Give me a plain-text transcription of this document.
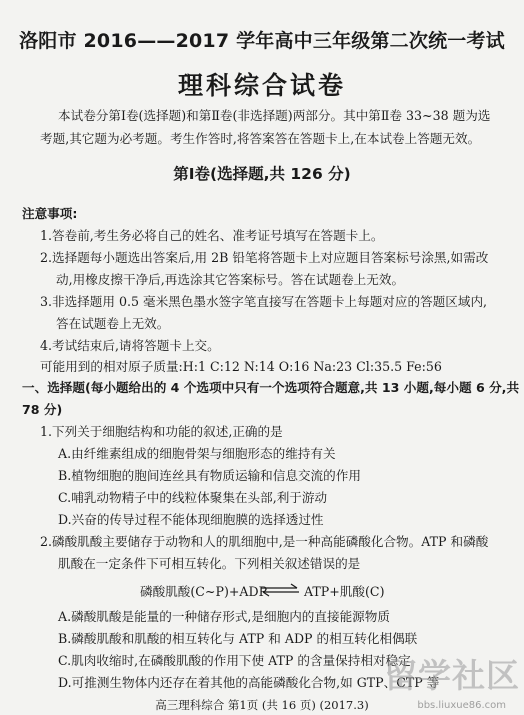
洛阳市 2016——2017 学年高中三年级第二次统一考试
理科综合试卷
本试卷分第Ⅰ卷(选择题)和第Ⅱ卷(非选择题)两部分。其中第Ⅱ卷 33~38 题为选
考题,其它题为必考题。考生作答时,将答案答在答题卡上,在本试卷上答题无效。
第Ⅰ卷(选择题,共 126 分)
注意事项:
1.答卷前,考生务必将自己的姓名、准考证号填写在答题卡上。
2.选择题每小题选出答案后,用 2B 铅笔将答题卡上对应题目答案标号涂黑,如需改
动,用橡皮擦干净后,再选涂其它答案标号。答在试题卷上无效。
3.非选择题用 0.5 毫米黑色墨水签字笔直接写在答题卡上每题对应的答题区域内,
答在试题卷上无效。
4.考试结束后,请将答题卡上交。
可能用到的相对原子质量:H:1 C:12 N:14 O:16 Na:23 Cl:35.5 Fe:56
一、选择题(每小题给出的 4 个选项中只有一个选项符合题意,共 13 小题,每小题 6 分,共
78 分)
1.下列关于细胞结构和功能的叙述,正确的是
A.由纤维素组成的细胞骨架与细胞形态的维持有关
B.植物细胞的胞间连丝具有物质运输和信息交流的作用
C.哺乳动物精子中的线粒体聚集在头部,利于游动
D.兴奋的传导过程不能体现细胞膜的选择透过性
2.磷酸肌酸主要储存于动物和人的肌细胞中,是一种高能磷酸化合物。ATP 和磷酸
肌酸在一定条件下可相互转化。下列相关叙述错误的是
磷酸肌酸(C~P)+ADP ⇌ ATP+肌酸(C)
A.磷酸肌酸是能量的一种储存形式,是细胞内的直接能源物质
B.磷酸肌酸和肌酸的相互转化与 ATP 和 ADP 的相互转化相偶联
C.肌肉收缩时,在磷酸肌酸的作用下使 ATP 的含量保持相对稳定
D.可推测生物体内还存在着其他的高能磷酸化合物,如 GTP、CTP 等
高三理科综合 第1页 (共 16 页) (2017.3)
留学社区
bbs.liuxue86.com
